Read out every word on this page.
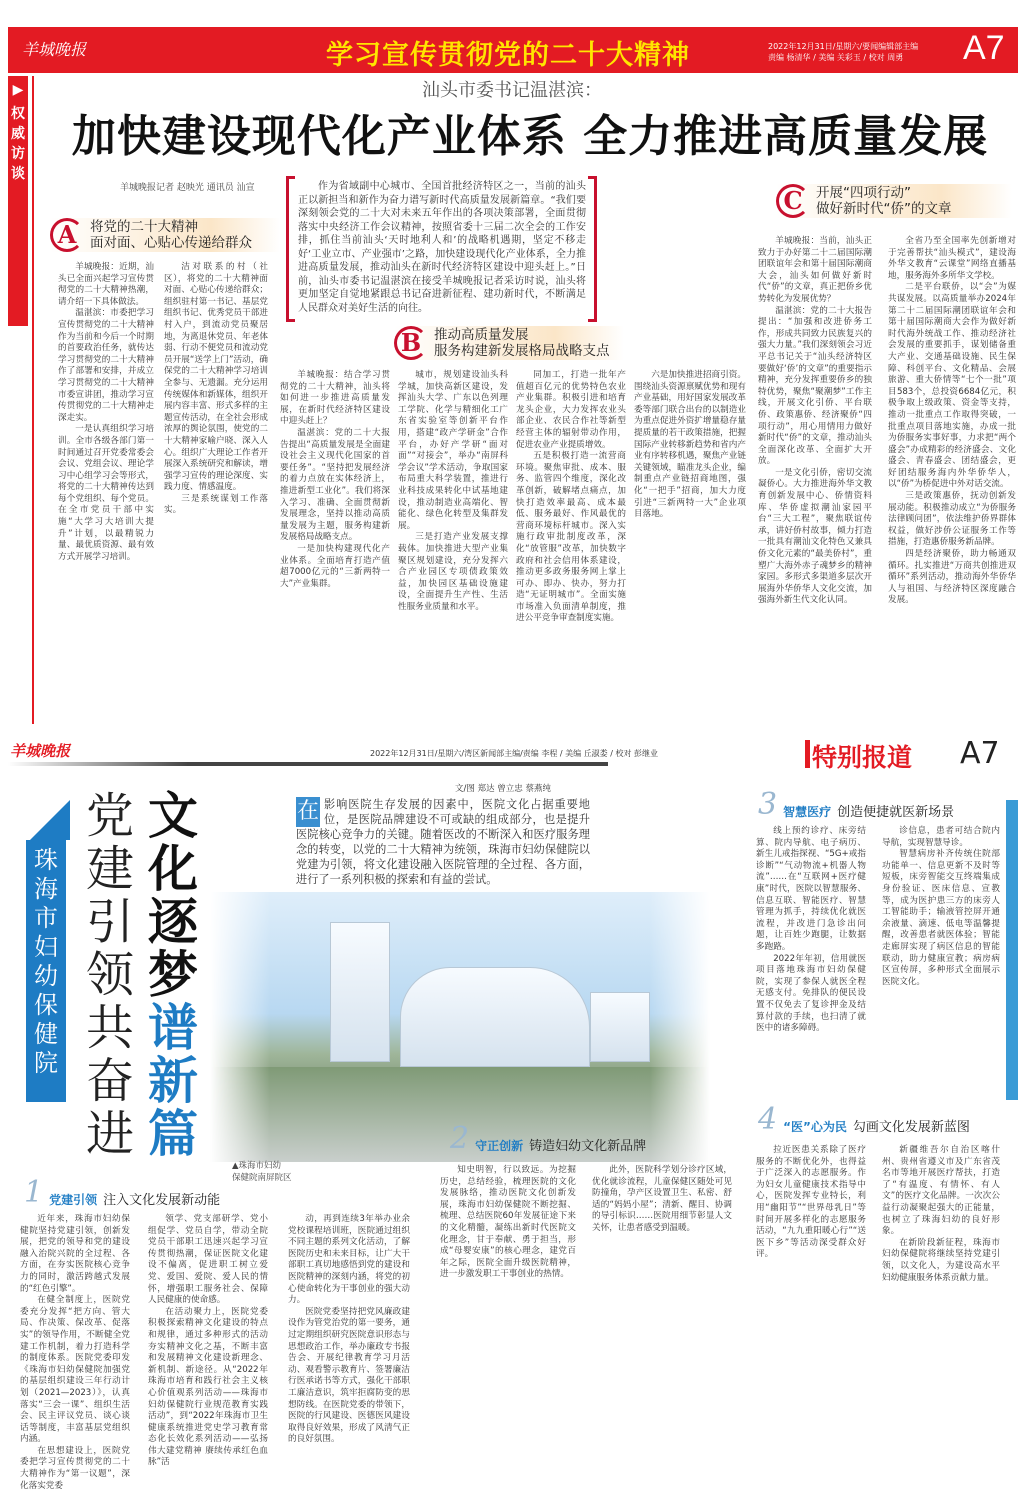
羊城晚报	学习宣传贯彻党的二十大精神	2022年12月31日/星期六/要闻编辑部主编
责编 杨清华 / 美编 关彩玉 / 校对 周勇	A7
▶
权威访谈
汕头市委书记温湛滨：
加快建设现代化产业体系 全力推进高质量发展
羊城晚报记者 赵映光 通讯员 汕宣	作为省域副中心城市、全国首批经济特区之一，当前的汕头正以新担当和新作为奋力谱写新时代高质量发展新篇章。“我们要深刻领会党的二十大对未来五年作出的各项决策部署，全面贯彻落实中央经济工作会议精神，按照省委十三届二次全会的工作安排，抓住当前汕头‘天时地利人和’的战略机遇期，坚定不移走好‘工业立市、产业强市’之路，加快建设现代化产业体系，全力推进高质量发展，推动汕头在新时代经济特区建设中迎头赶上。”日前，汕头市委书记温湛滨在接受羊城晚报记者采访时说，汕头将更加坚定自觉地紧跟总书记奋进新征程、建功新时代，不断满足人民群众对美好生活的向往。
A	将党的二十大精神
面对面、心贴心传递给群众
B 推动高质量发展
服务构建新发展格局战略支点
C 开展“四项行动”
做好新时代“侨”的文章

羊城晚报：近期，汕头已全面兴起学习宣传贯彻党的二十大精神热潮，请介绍一下具体做法。

温湛滨：市委把学习宣传贯彻党的二十大精神作为当前和今后一个时期的首要政治任务，就传达学习贯彻党的二十大精神作了部署和安排，并成立学习贯彻党的二十大精神市委宣讲团，推动学习宣传贯彻党的二十大精神走深走实。

一是认真组织学习培训。全市各级各部门第一时间通过召开党委常委会会议、党组会议、理论学习中心组学习会等形式，将党的二十大精神传达到每个党组织、每个党员。在全市党员干部中实施“大学习大培训大提升”计划，以最精锐力量、最优质资源、最有效方式开展学习培训。

洁对联系的村（社区），将党的二十大精神面对面、心贴心传递给群众；组织驻村第一书记、基层党组织书记、优秀党员干部进村入户，到流动党员聚居地，为离退休党员、年老体弱、行动不便党员和流动党员开展“送学上门”活动，确保党的二十大精神学习培训全参与、无遗漏。充分运用传统媒体和新媒体，组织开展内容丰富、形式多样的主题宣传活动，在全社会形成浓厚的舆论氛围，使党的二十大精神家喻户晓、深入人心。组织广大理论工作者开展深入系统研究和解读，增强学习宣传的理论深度、实践力度、情感温度。

三是系统谋划工作落实。

羊城晚报：结合学习贯彻党的二十大精神，汕头将如何进一步推进高质量发展，在新时代经济特区建设中迎头赶上？

温湛滨：党的二十大报告提出“高质量发展是全面建设社会主义现代化国家的首要任务”。“坚持把发展经济的着力点放在实体经济上，推进新型工业化”。我们将深入学习、准确、全面贯彻新发展理念，坚持以推动高质量发展为主题，服务构建新发展格局战略支点。

一是加快构建现代化产业体系。全面培育打造产值超7000亿元的“三新两特一大”产业集群。

城市，规划建设汕头科学城，加快高新区建设，发挥汕头大学、广东以色列理工学院、化学与精细化工广东省实验室等创新平台作用，搭建“政产学研金”合作平台，办好产学研“面对面”“对接会”，举办“南屏科学会议”学术活动，争取国家布局重大科学装置，推进行业科技成果转化中试基地建设，推动制造业高端化、智能化、绿色化转型及集群发展。

三是打造产业发展支撑载体。加快推进大型产业集聚区规划建设，充分发挥六合产业园区专项债政策效益，加快园区基础设施建设，全面提升生产性、生活性服务业质量和水平。

同加工，打造一批年产值超百亿元的优势特色农业产业集群。积极引进和培育龙头企业，大力发挥农业头部企业、农民合作社等新型经营主体的辐射带动作用，促进农业产业提质增效。

五是积极打造一流营商环境。聚焦审批、成本、服务、监管四个维度，深化改革创新，破解堵点痛点，加快打造效率最高、成本最低、服务最好、作风最优的营商环境标杆城市。深入实施行政审批制度改革，深化“放管服”改革，加快数字政府和社会信用体系建设，推动更多政务服务网上掌上可办、即办、快办，努力打造“无证明城市”。全面实施市场准入负面清单制度，推进公平竞争审查制度实施。

六是加快推进招商引资。围绕汕头资源禀赋优势和现有产业基础，用好国家发展改革委等部门联合出台的以制造业为重点促进外资扩增量稳存量提质量的若干政策措施，把握国际产业转移新趋势和省内产业有序转移机遇，聚焦产业链关键领域，瞄准龙头企业，编制重点产业链招商地图，强化“一把手”招商，加大力度引进“三新两特一大”企业项目落地。

羊城晚报：当前，汕头正致力于办好第二十二届国际潮团联谊年会和第十届国际潮商大会，汕头如何做好新时代“侨”的文章，真正把侨乡优势转化为发展优势？

温湛滨：党的二十大报告提出：“加强和改进侨务工作，形成共同致力民族复兴的强大力量。”我们深刻领会习近平总书记关于“汕头经济特区要做好‘侨’的文章”的重要指示精神，充分发挥重要侨乡的独特优势，聚焦“聚潮梦”工作主线，开展文化引侨、平台联侨、政策惠侨、经济聚侨“四项行动”，用心用情用力做好新时代“侨”的文章，推动汕头全面深化改革、全面扩大开放。

一是文化引侨，密切交流凝侨心。大力推进海外华文教育创新发展中心、侨情资料库、华侨虚拟潮汕家园平台“三大工程”，聚焦联谊传承，讲好侨村故事，倾力打造一批具有潮汕文化特色又兼具侨文化元素的“最美侨村”，重塑广大海外赤子魂梦乡的精神家园。多形式多渠道多层次开展海外华侨华人文化交流，加强海外新生代文化认同。

全省乃至全国率先创新增对于完善帮扶“汕头模式”，建设海外华文教育“云课堂”网络直播基地，服务海外多所华文学校。

二是平台联侨，以“会”为媒共谋发展。以高质量举办2024年第二十二届国际潮团联谊年会和第十届国际潮商大会作为做好新时代海外统战工作、推动经济社会发展的重要抓手，谋划储备重大产业、交通基础设施、民生保障、科创平台、文化精品、会展旅游、重大侨情等“七个一批”项目583个，总投资6684亿元，积极争取上级政策、资金等支持，推动一批重点工作取得突破，一批重点项目落地实施，办成一批为侨服务实事好事，力求把“两个盛会”办成精彩的经济盛会、文化盛会、青春盛会、团结盛会，更好团结服务海内外华侨华人，以“侨”为桥促进中外对话交流。

三是政策惠侨，抚动创新发展动能。积极推动成立“为侨服务法律顾问团”，依法维护侨界群体权益，做好涉侨公证服务工作等措施，打造惠侨服务新品牌。

四是经济聚侨，助力畅通双循环。扎实推进“万商共创推进双循环”系列活动，推动海外华侨华人与祖国、与经济特区深度融合发展。

羊城晚报	2022年12月31日/星期六/湾区新闻部主编/责编 李程 / 美编 丘淑娄 / 校对 彭继业	特别报道 A7
文化逐梦谱新篇
党建引领共奋进
珠海市妇幼保健院
文/图 郑达 曾立忠 蔡燕纯
在 影响医院生存发展的因素中，医院文化占据重要地位，是医院品牌建设不可或缺的组成部分，也是提升医院核心竞争力的关键。随着医改的不断深入和医疗服务理念的转变，以党的二十大精神为统领，珠海市妇幼保健院以党建为引领，将文化建设融入医院管理的全过程、各方面，进行了一系列积极的探索和有益的尝试。
▲珠海市妇幼
保健院南屏院区
3 智慧医疗 创造便捷就医新场景
4 “医”心为民 勾画文化发展新蓝图
2 守正创新 铸造妇幼文化新品牌
1 党建引领 注入文化发展新动能

线上预约诊疗、床旁结算、院内导航、电子病历、新生儿戒指探视、“5G+戒指诊断”“气动物流+机器人物流”……在“互联网+医疗健康”时代，医院以智慧服务、信息互联、智能医疗、智慧管理为抓手，持续优化就医流程，并改进门急诊出问题，让百姓少跑腿，让数据多跑路。

2022年年初，信用就医项目落地珠海市妇幼保健院，实现了参保人就医全程无感支付。免排队的便民设置不仅免去了复诊押金及结算付款的手续，也扫清了就医中的诸多障碍。

诊信息，患者可结合院内导航，实现智慧导诊。

智慧病房补齐传统住院部功能单一、信息更新不及时等短板，床旁智能交互终端集成身份验证、医床信息、宣教等，成为医护患三方的床旁人工智能助手；输液管控屏开通余液量、滴速、低电等温馨提醒，改善患者就医体验；智能走廊屏实现了病区信息的智能联动，助力健康宣教；病房病区宣传屏，多种形式全面展示医院文化。

拉近医患关系除了医疗服务的不断优化外，也得益于广泛深入的志愿服务。作为妇女儿童健康技术指导中心，医院发挥专业特长，利用“幽阳节”“世界母乳日”等时间开展多样化的志愿服务活动，“九九重阳暖心行”“送医下乡”等活动深受群众好评。

新疆维吾尔自治区喀什州、贵州省遵义市及广东省茂名市等地开展医疗帮扶，打造了“有温度、有情怀、有人文”的医疗文化品牌。一次次公益行动凝聚起强大的正能量，也树立了珠海妇幼的良好形象。

在新阶段新征程，珠海市妇幼保健院将继续坚持党建引领，以文化人，为建设高水平妇幼健康服务体系贡献力量。

知史明智，行以致远。为挖掘历史，总结经验，梳理医院的文化发展脉络，推动医院文化创新发展，珠海市妇幼保健院不断挖掘、梳理、总结医院60年发展征途下来的文化精髓，凝练出新时代医院文化理念，甘于奉献、勇于担当，形成“母婴安康”的核心理念，建党百年之际，医院全面升级医院精神，进一步激发职工干事创业的热情。

此外，医院科学划分诊疗区域，优化就诊流程，儿童保健区随处可见防撞角，孕产区设置卫生、私密、舒适的“妈妈小屋”；清新、醒目、协调的导引标识……医院用细节彰显人文关怀，让患者感受到温暖。

近年来，珠海市妇幼保健院坚持党建引领，创新发展，把党的领导和党的建设融入治院兴院的全过程、各方面，在夯实医院核心竞争力的同时，激活跨越式发展的“红色引擎”。

在健全制度上，医院党委充分发挥“把方向、管大局、作决策、保改革、促落实”的领导作用，不断健全党建工作机制，着力打造科学的制度体系。医院党委印发《珠海市妇幼保健院加强党的基层组织建设三年行动计划（2021—2023）》，认真落实“三会一课”、组织生活会、民主评议党员、谈心谈话等制度，丰富基层党组织内涵。

在思想建设上，医院党委把学习宣传贯彻党的二十大精神作为“第一议题”，深化落实党委

领学、党支部研学、党小组促学、党员自学，带动全院党员干部职工迅速兴起学习宣传贯彻热潮，保证医院文化建设不偏离，促进职工树立爱党、爱国、爱院、爱人民的情怀，增强职工服务社会、保障人民健康的使命感。

在活动聚力上，医院党委积极探索精神文化建设的特点和规律，通过多种形式的活动夯实精神文化之基，不断丰富和发展精神文化建设新理念、新机制、新途径。从“2022年珠海市培育和践行社会主义核心价值观系列活动——珠海市妇幼保健院行业规范教育实践活动”，到“2022年珠海市卫生健康系统推进党史学习教育常态化长效化系列活动——弘扬伟大建党精神 赓续传承红色血脉”活

动，再到连续3年举办业余党校课程培训班，医院通过组织不同主题的系列文化活动，了解医院历史和未来目标，让广大干部职工真切地感悟到党的建设和医院精神的深刻内涵，将党的初心使命转化为干事创业的强大动力。

医院党委坚持把党风廉政建设作为管党治党的第一要务，通过定期组织研究医院意识形态与思想政治工作，举办廉政专书报告会、开展纪律教育学习月活动、观看警示教育片、签署廉洁行医承诺书等方式，强化干部职工廉洁意识，筑牢拒腐防变的思想防线。在医院党委的带领下，医院的行风建设、医德医风建设取得良好效果，形成了风清气正的良好氛围。
